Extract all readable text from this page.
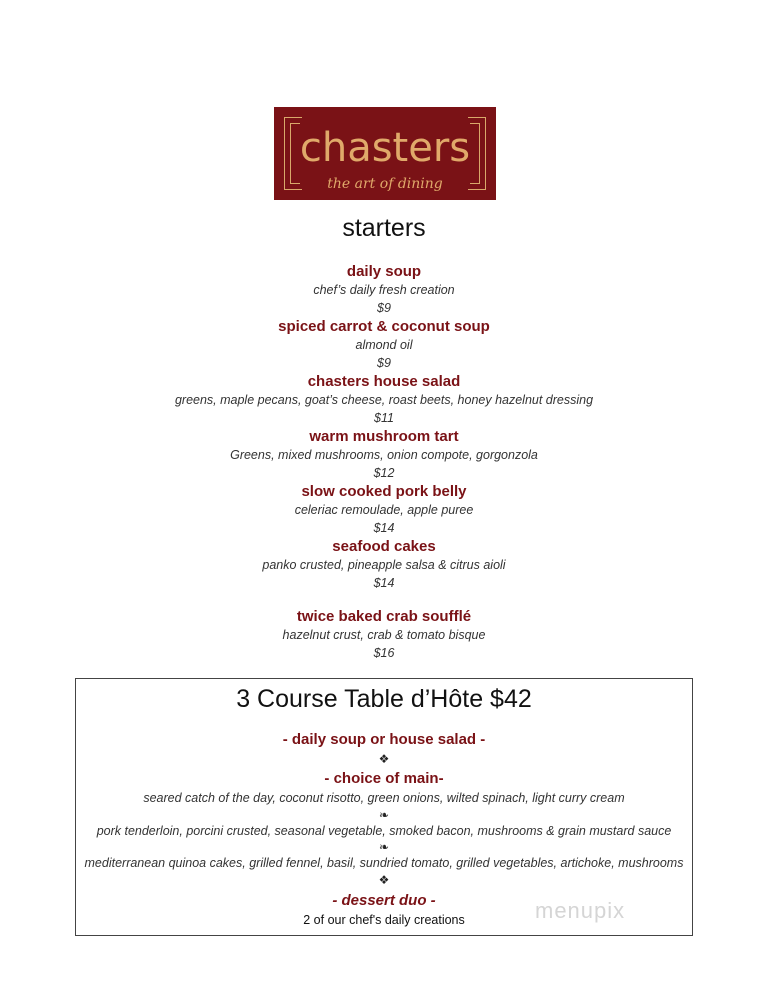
chasters
the art of dining
starters
daily soup
chef’s daily fresh creation
$9
spiced carrot & coconut soup
almond oil
$9
chasters house salad
greens, maple pecans, goat’s cheese, roast beets, honey hazelnut dressing
$11
warm mushroom tart
Greens, mixed mushrooms, onion compote, gorgonzola
$12
slow cooked pork belly
celeriac remoulade, apple puree
$14
seafood cakes
panko crusted, pineapple salsa & citrus aioli
$14
twice baked crab soufflé
hazelnut crust, crab & tomato bisque
$16
3 Course Table d’Hôte $42
- daily soup or house salad -
❖
- choice of main-
seared catch of the day, coconut risotto, green onions, wilted spinach, light curry cream
❧
pork tenderloin, porcini crusted, seasonal vegetable, smoked bacon, mushrooms & grain mustard sauce
❧
mediterranean quinoa cakes, grilled fennel, basil, sundried tomato, grilled vegetables, artichoke, mushrooms
❖
- dessert duo -
2 of our chef's daily creations	menupix
